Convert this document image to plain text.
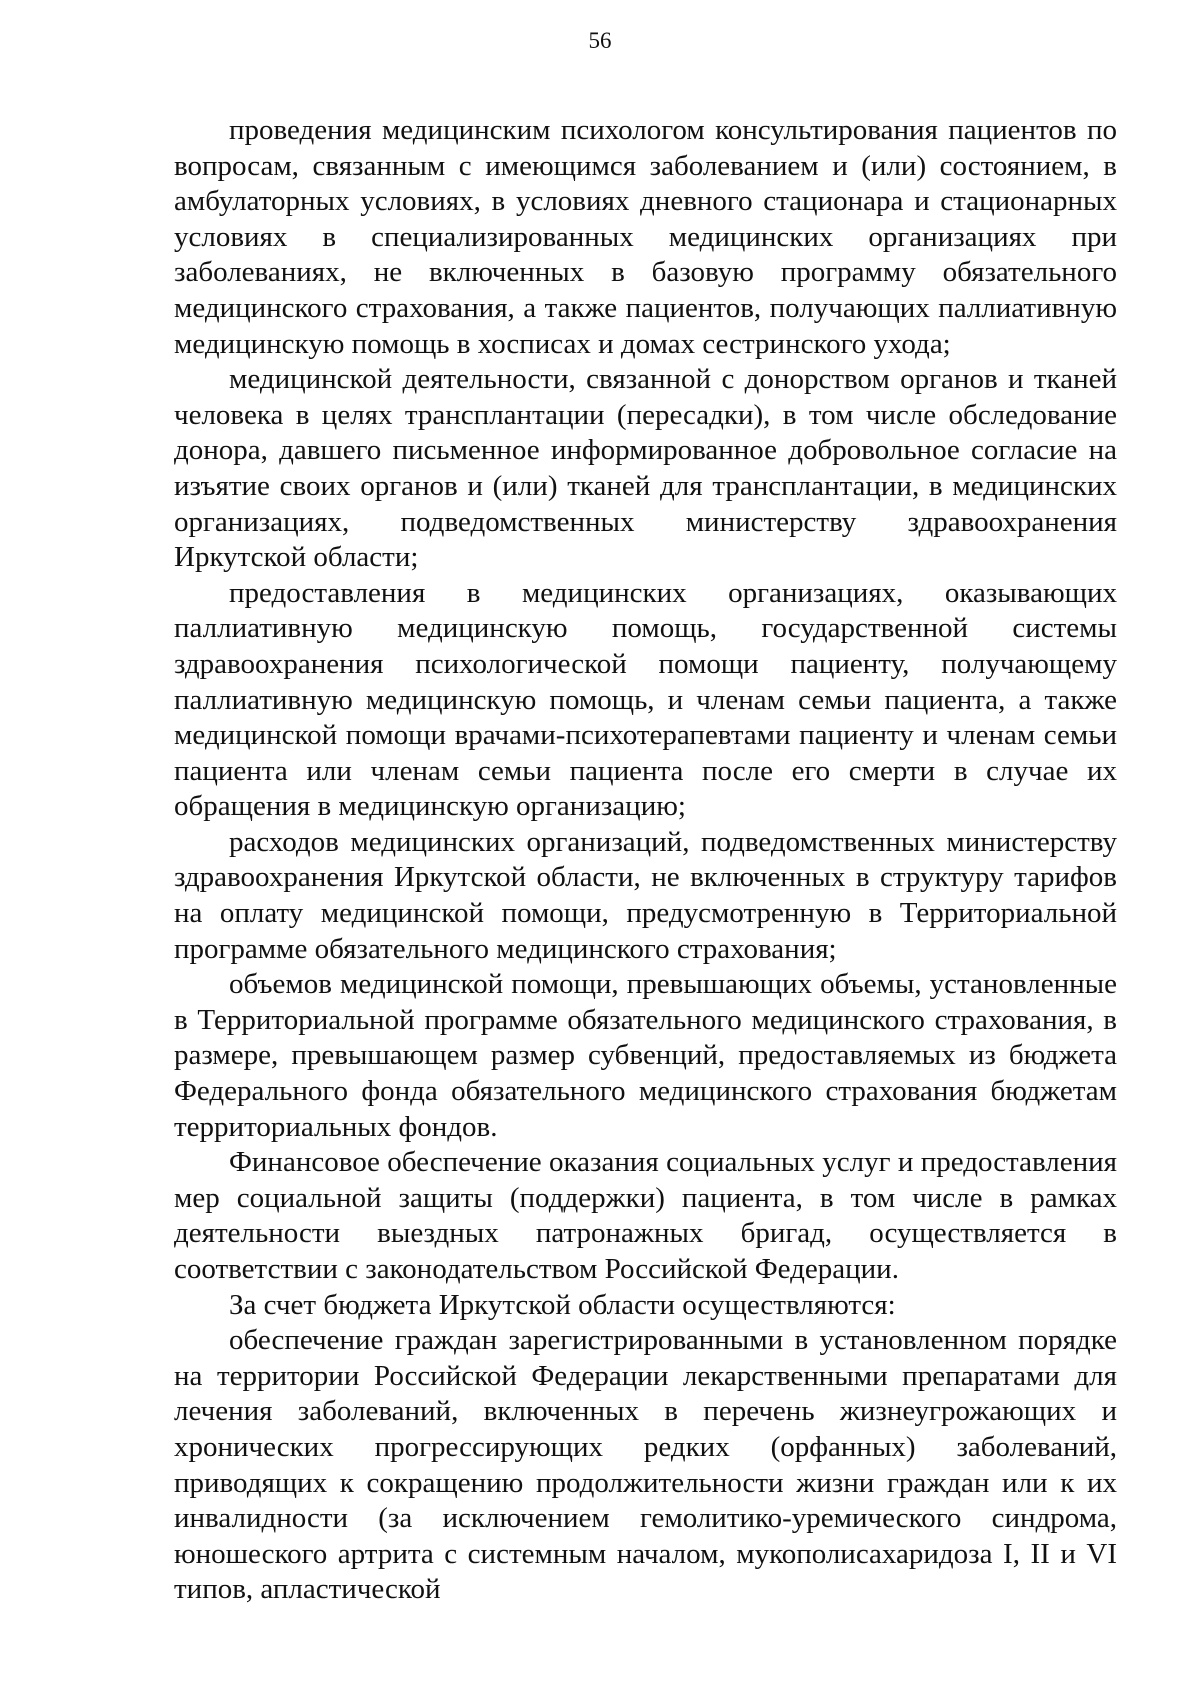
56

проведения медицинским психологом консультирования пациентов по вопросам, связанным с имеющимся заболеванием и (или) состоянием, в амбулаторных условиях, в условиях дневного стационара и стационарных условиях в специализированных медицинских организациях при заболеваниях, не включенных в базовую программу обязательного медицинского страхования, а также пациентов, получающих паллиативную медицинскую помощь в хосписах и домах сестринского ухода;

медицинской деятельности, связанной с донорством органов и тканей человека в целях трансплантации (пересадки), в том числе обследование донора, давшего письменное информированное добровольное согласие на изъятие своих органов и (или) тканей для трансплантации, в медицинских организациях, подведомственных министерству здравоохранения Иркутской области;

предоставления в медицинских организациях, оказывающих паллиативную медицинскую помощь, государственной системы здравоохранения психологической помощи пациенту, получающему паллиативную медицинскую помощь, и членам семьи пациента, а также медицинской помощи врачами-психотерапевтами пациенту и членам семьи пациента или членам семьи пациента после его смерти в случае их обращения в медицинскую организацию;

расходов медицинских организаций, подведомственных министерству здравоохранения Иркутской области, не включенных в структуру тарифов на оплату медицинской помощи, предусмотренную в Территориальной программе обязательного медицинского страхования;

объемов медицинской помощи, превышающих объемы, установленные в Территориальной программе обязательного медицинского страхования, в размере, превышающем размер субвенций, предоставляемых из бюджета Федерального фонда обязательного медицинского страхования бюджетам территориальных фондов.

Финансовое обеспечение оказания социальных услуг и предоставления мер социальной защиты (поддержки) пациента, в том числе в рамках деятельности выездных патронажных бригад, осуществляется в соответствии с законодательством Российской Федерации.

За счет бюджета Иркутской области осуществляются:

обеспечение граждан зарегистрированными в установленном порядке на территории Российской Федерации лекарственными препаратами для лечения заболеваний, включенных в перечень жизнеугрожающих и хронических прогрессирующих редких (орфанных) заболеваний, приводящих к сокращению продолжительности жизни граждан или к их инвалидности (за исключением гемолитико-уремического синдрома, юношеского артрита с системным началом, мукополисахаридоза I, II и VI типов, апластической
